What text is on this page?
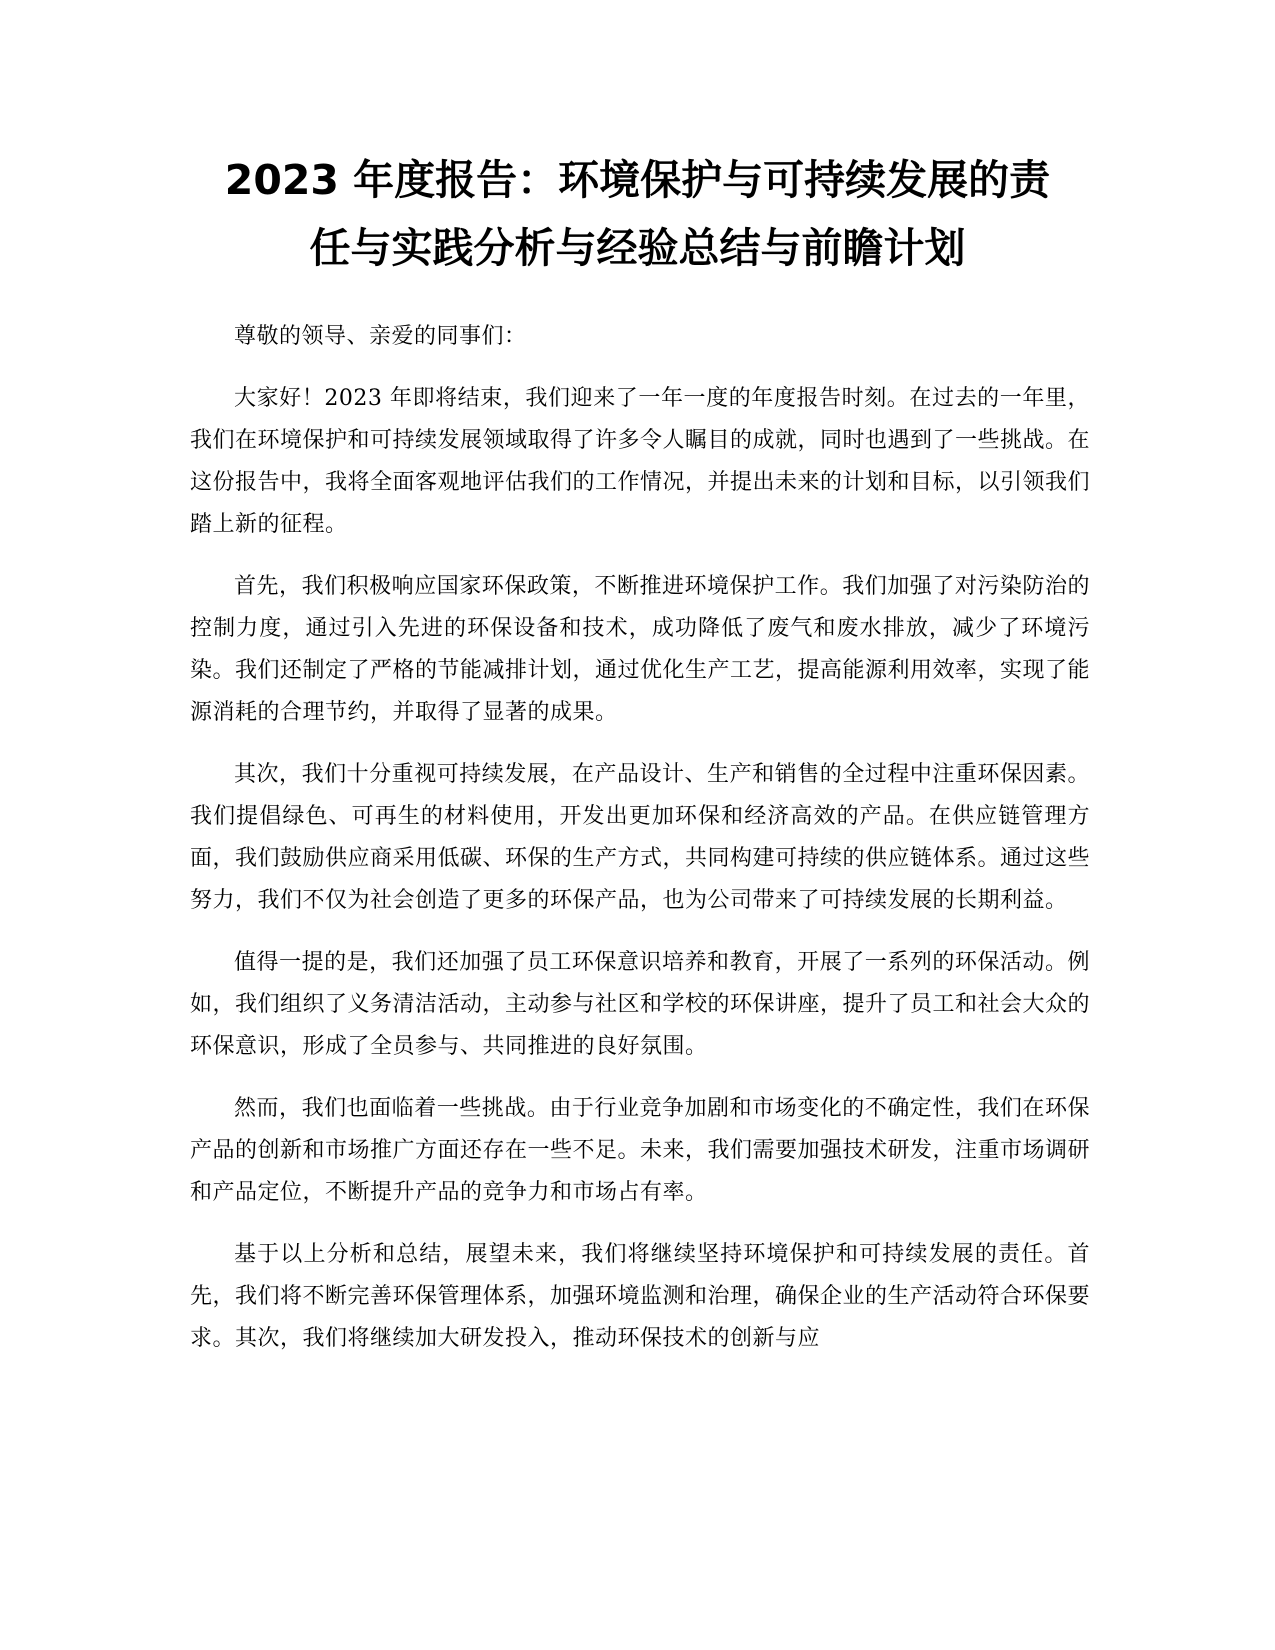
2023 年度报告：环境保护与可持续发展的责
任与实践分析与经验总结与前瞻计划

尊敬的领导、亲爱的同事们：

大家好！2023 年即将结束，我们迎来了一年一度的年度报告时刻。在过去的一年里，我们在环境保护和可持续发展领域取得了许多令人瞩目的成就，同时也遇到了一些挑战。在这份报告中，我将全面客观地评估我们的工作情况，并提出未来的计划和目标，以引领我们踏上新的征程。

首先，我们积极响应国家环保政策，不断推进环境保护工作。我们加强了对污染防治的控制力度，通过引入先进的环保设备和技术，成功降低了废气和废水排放，减少了环境污染。我们还制定了严格的节能减排计划，通过优化生产工艺，提高能源利用效率，实现了能源消耗的合理节约，并取得了显著的成果。

其次，我们十分重视可持续发展，在产品设计、生产和销售的全过程中注重环保因素。我们提倡绿色、可再生的材料使用，开发出更加环保和经济高效的产品。在供应链管理方面，我们鼓励供应商采用低碳、环保的生产方式，共同构建可持续的供应链体系。通过这些努力，我们不仅为社会创造了更多的环保产品，也为公司带来了可持续发展的长期利益。

值得一提的是，我们还加强了员工环保意识培养和教育，开展了一系列的环保活动。例如，我们组织了义务清洁活动，主动参与社区和学校的环保讲座，提升了员工和社会大众的环保意识，形成了全员参与、共同推进的良好氛围。

然而，我们也面临着一些挑战。由于行业竞争加剧和市场变化的不确定性，我们在环保产品的创新和市场推广方面还存在一些不足。未来，我们需要加强技术研发，注重市场调研和产品定位，不断提升产品的竞争力和市场占有率。

基于以上分析和总结，展望未来，我们将继续坚持环境保护和可持续发展的责任。首先，我们将不断完善环保管理体系，加强环境监测和治理，确保企业的生产活动符合环保要求。其次，我们将继续加大研发投入，推动环保技术的创新与应
